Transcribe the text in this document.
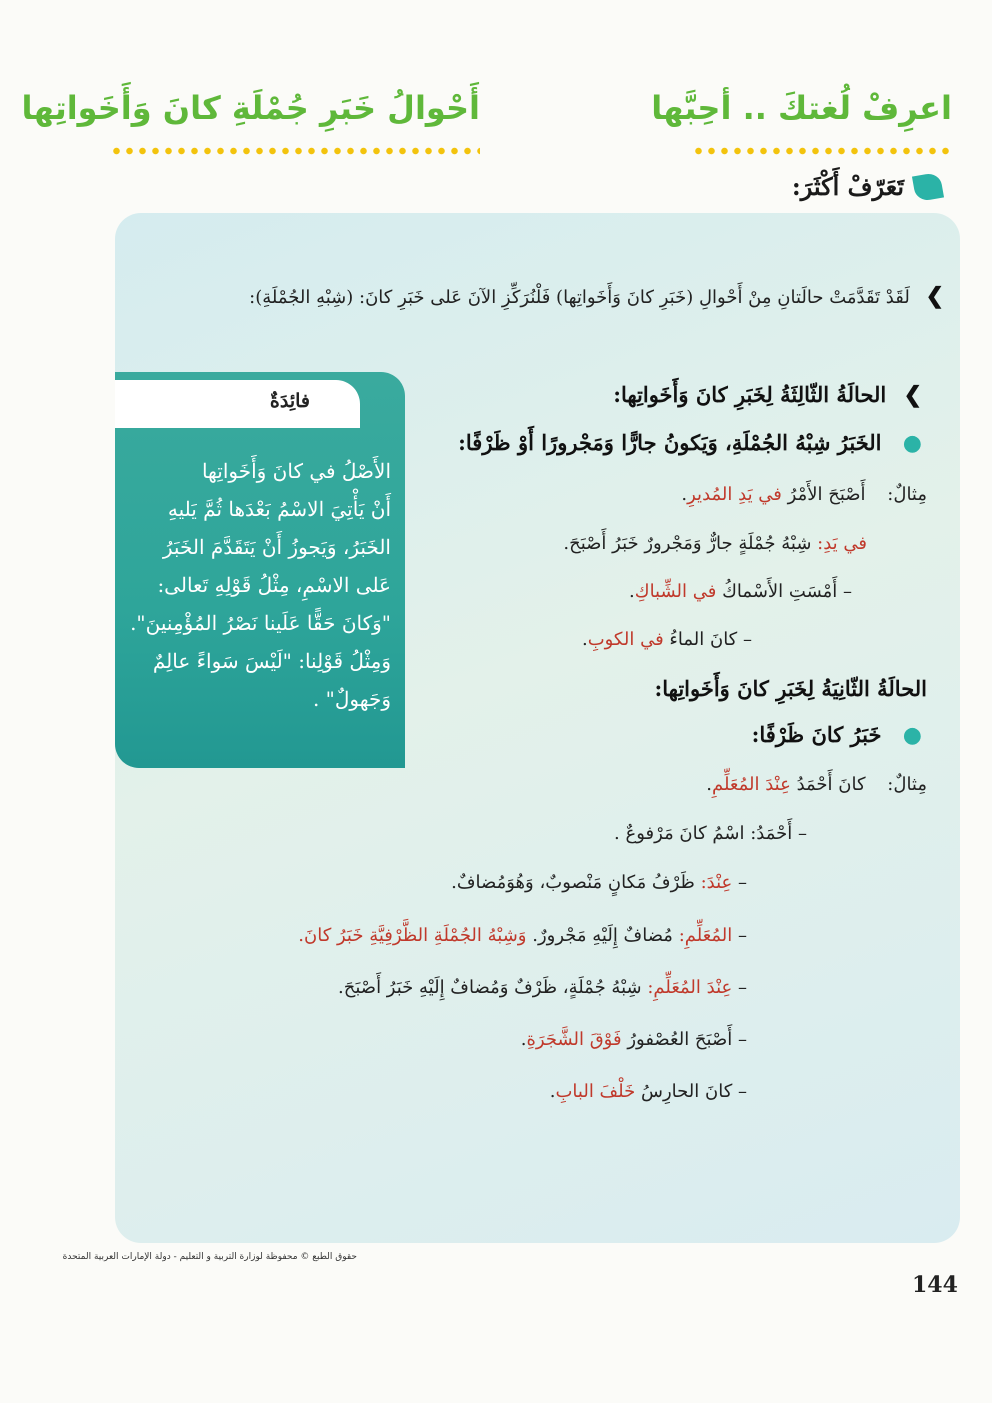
اعرِفْ لُغتكَ .. أحِبَّها
أَحْوالُ خَبَرِ جُمْلَةِ كانَ وَأَخَواتِها
تَعَرّفْ أَكْثَرَ:
❯ لَقَدْ تَقَدَّمَتْ حالَتانِ مِنْ أَحْوالِ (خَبَرِ كانَ وَأَخَواتِها) فَلْنُرَكِّزِ الآنَ عَلى خَبَرِ كانَ: (شِبْهِ الجُمْلَةِ):
فائِدَةٌ
الأَصْلُ في كانَ وَأَخَواتِها
أَنْ يَأْتِيَ الاسْمُ بَعْدَها ثُمَّ يَليهِ
الخَبَرُ، وَيَجوزُ أَنْ يَتَقَدَّمَ الخَبَرُ
عَلى الاسْمِ، مِثْلُ قَوْلِهِ تَعالى:
"وَكانَ حَقًّا عَلَينا نَصْرُ المُؤْمِنينَ".
وَمِثْلُ قَوْلِنا: "لَيْسَ سَواءً عالِمٌ
وَجَهولٌ" .
❯ الحالَةُ الثّالِثَةُ لِخَبَرِ كانَ وَأَخَواتِها:
● الخَبَرُ شِبْهُ الجُمْلَةِ، وَيَكونُ جارًّا وَمَجْرورًا أَوْ ظَرْفًا:
مِثالٌ: أَصْبَحَ الأَمْرُ في يَدِ المُديرِ.
في يَدِ: شِبْهُ جُمْلَةٍ جارٌّ وَمَجْرورٌ خَبَرُ أَصْبَحَ.
– أَمْسَتِ الأَسْماكُ في الشِّباكِ.
– كانَ الماءُ في الكوبِ.
الحالَةُ الثّانِيَةُ لِخَبَرِ كانَ وَأَخَواتِها:
● خَبَرُ كانَ ظَرْفًا:
مِثالٌ: كانَ أَحْمَدُ عِنْدَ المُعَلِّمِ.
– أَحْمَدُ: اسْمُ كانَ مَرْفوعٌ .
– عِنْدَ: ظَرْفُ مَكانٍ مَنْصوبٌ، وَهُوَمُضافٌ.
– المُعَلِّمِ: مُضافٌ إِلَيْهِ مَجْرورٌ. وَشِبْهُ الجُمْلَةِ الظَّرْفِيَّةِ خَبَرُ كانَ.
– عِنْدَ المُعَلِّمِ: شِبْهُ جُمْلَةٍ، ظَرْفٌ وَمُضافٌ إِلَيْهِ خَبَرُ أَصْبَحَ.
– أَصْبَحَ العُصْفورُ فَوْقَ الشَّجَرَةِ.
– كانَ الحارِسُ خَلْفَ البابِ.
حقوق الطبع © محفوظة لوزارة التربية و التعليم - دولة الإمارات العربية المتحدة
144
